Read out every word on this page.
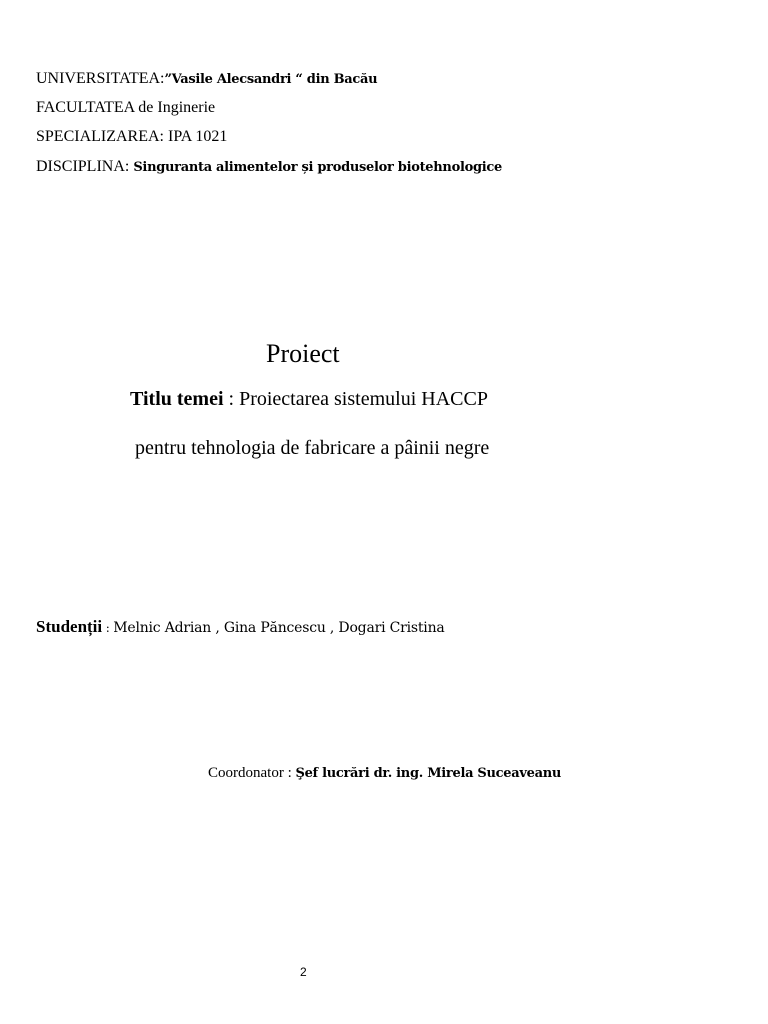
UNIVERSITATEA:”Vasile Alecsandri “ din Bacău
FACULTATEA de Inginerie
SPECIALIZAREA: IPA 1021
DISCIPLINA: Singuranta alimentelor și produselor biotehnologice
Proiect
Titlu temei : Proiectarea sistemului HACCP
pentru tehnologia de fabricare a pâinii negre
Studenții : Melnic Adrian , Gina Păncescu , Dogari Cristina
Coordonator : Şef lucrări dr. ing. Mirela Suceaveanu
2
